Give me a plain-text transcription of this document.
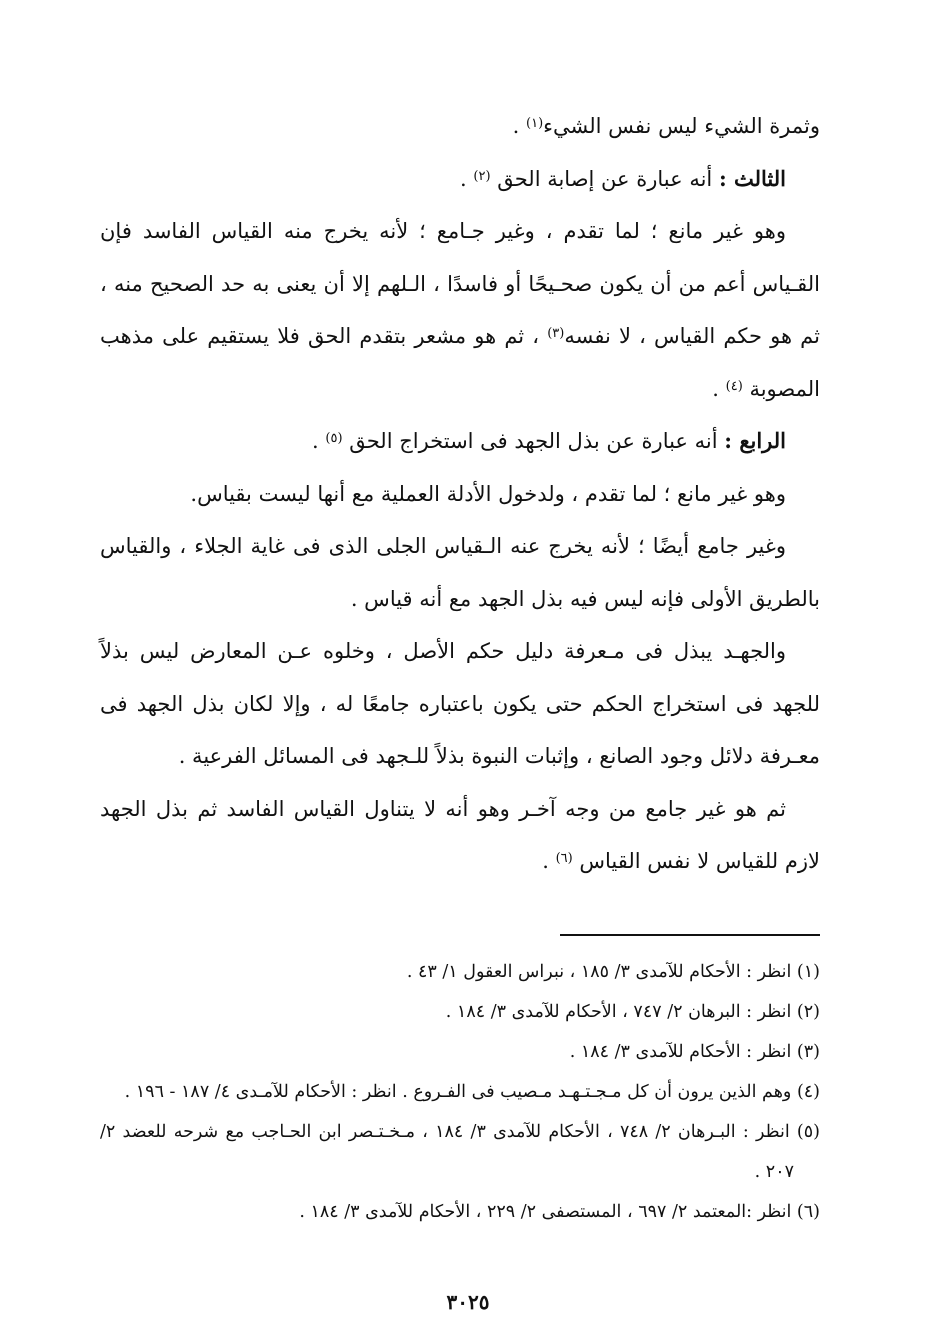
وثمرة الشيء ليس نفس الشيء$^{(١)}$ .

الثالث : أنه عبارة عن إصابة الحق $^{(٢)}$ .

وهو غير مانع ؛ لما تقدم ، وغير جـامع ؛ لأنه يخرج منه القياس الفاسد فإن القـياس أعم من أن يكون صحـيحًا أو فاسدًا ، الـلهم إلا أن يعنى به حد الصحيح منه ، ثم هو حكم القياس ، لا نفسه$^{(٣)}$ ، ثم هو مشعر بتقدم الحق فلا يستقيم على مذهب المصوبة $^{(٤)}$ .

الرابع : أنه عبارة عن بذل الجهد فى استخراج الحق $^{(٥)}$ .

وهو غير مانع ؛ لما تقدم ، ولدخول الأدلة العملية مع أنها ليست بقياس.

وغير جامع أيضًا ؛ لأنه يخرج عنه الـقياس الجلى الذى فى غاية الجلاء ، والقياس بالطريق الأولى فإنه ليس فيه بذل الجهد مع أنه قياس .

والجهـد يبذل فى مـعرفة دليل حكم الأصل ، وخلوه عـن المعارض ليس بذلاً للجهد فى استخراج الحكم حتى يكون باعتباره جامعًا له ، وإلا لكان بذل الجهد فى معـرفة دلائل وجود الصانع ، وإثبات النبوة بذلاً للـجهد فى المسائل الفرعية .

ثم هو غير جامع من وجه آخـر وهو أنه لا يتناول القياس الفاسد ثم بذل الجهد لازم للقياس لا نفس القياس $^{(٦)}$ .

(١) انظر : الأحكام للآمدى ٣/ ١٨٥ ، نبراس العقول ١/ ٤٣ .

(٢) انظر : البرهان ٢/ ٧٤٧ ، الأحكام للآمدى ٣/ ١٨٤ .

(٣) انظر : الأحكام للآمدى ٣/ ١٨٤ .

(٤) وهم الذين يرون أن كل مـجـتـهـد مـصيب فى الفـروع . انظر : الأحكام للآمـدى ٤/ ١٨٧ - ١٩٦ .

(٥) انظر : البـرهان ٢/ ٧٤٨ ، الأحكام للآمدى ٣/ ١٨٤ ، مـخـتـصر ابن الحـاجب مع شرحه للعضد ٢/ ٢٠٧ .

(٦) انظر :المعتمد ٢/ ٦٩٧ ، المستصفى ٢/ ٢٢٩ ، الأحكام للآمدى ٣/ ١٨٤ .

٣٠٢٥
